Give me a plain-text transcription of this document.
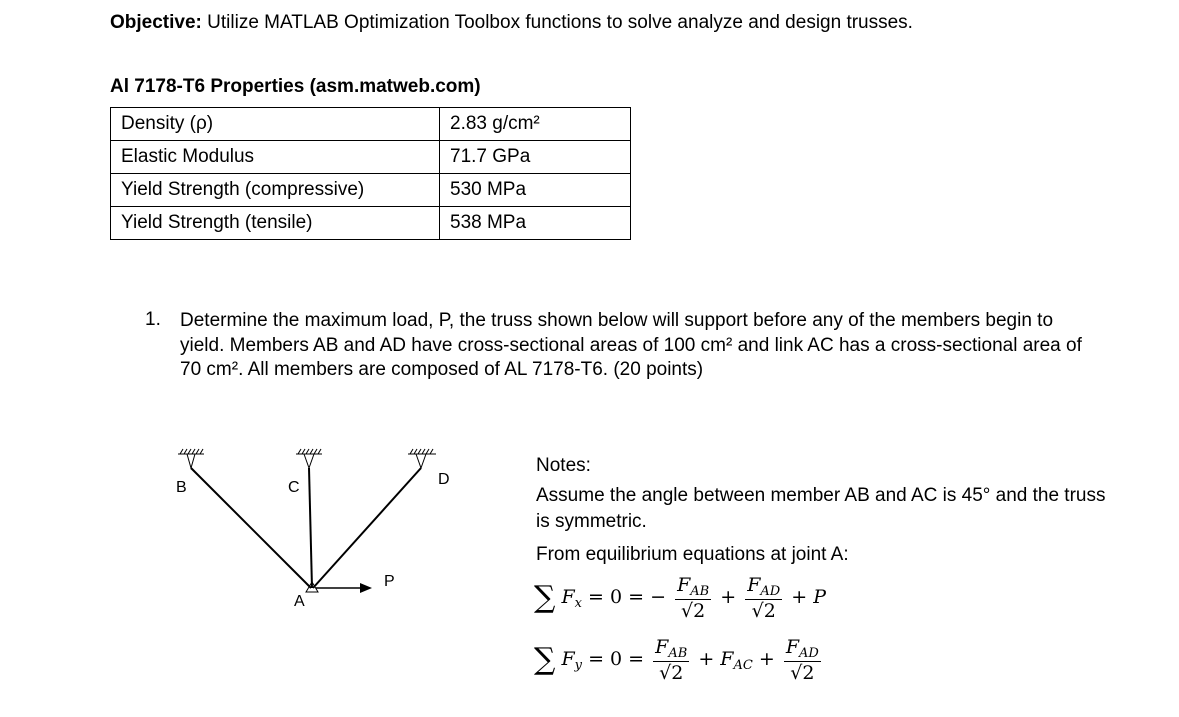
Objective: Utilize MATLAB Optimization Toolbox functions to solve analyze and design trusses.
Al 7178-T6 Properties (asm.matweb.com)
Density (ρ)	2.83 g/cm²
Elastic Modulus	71.7 GPa
Yield Strength (compressive)	530 MPa
Yield Strength (tensile)	538 MPa
1. Determine the maximum load, P, the truss shown below will support before any of the members begin to yield. Members AB and AD have cross-sectional areas of 100 cm² and link AC has a cross-sectional area of 70 cm². All members are composed of AL 7178-T6. (20 points)
B	C	D
A
P
Notes:
Assume the angle between member AB and AC is 45° and the truss is symmetric.
From equilibrium equations at joint A:
∑ $F_x = 0$ = − $\frac{F_{AB}}{√2} + \frac{F_{AD}}{√2} + P$
∑ $F_y = 0 = \frac{F_{AB}}{√2} + F_{AC} + \frac{F_{AD}}{√2}$
